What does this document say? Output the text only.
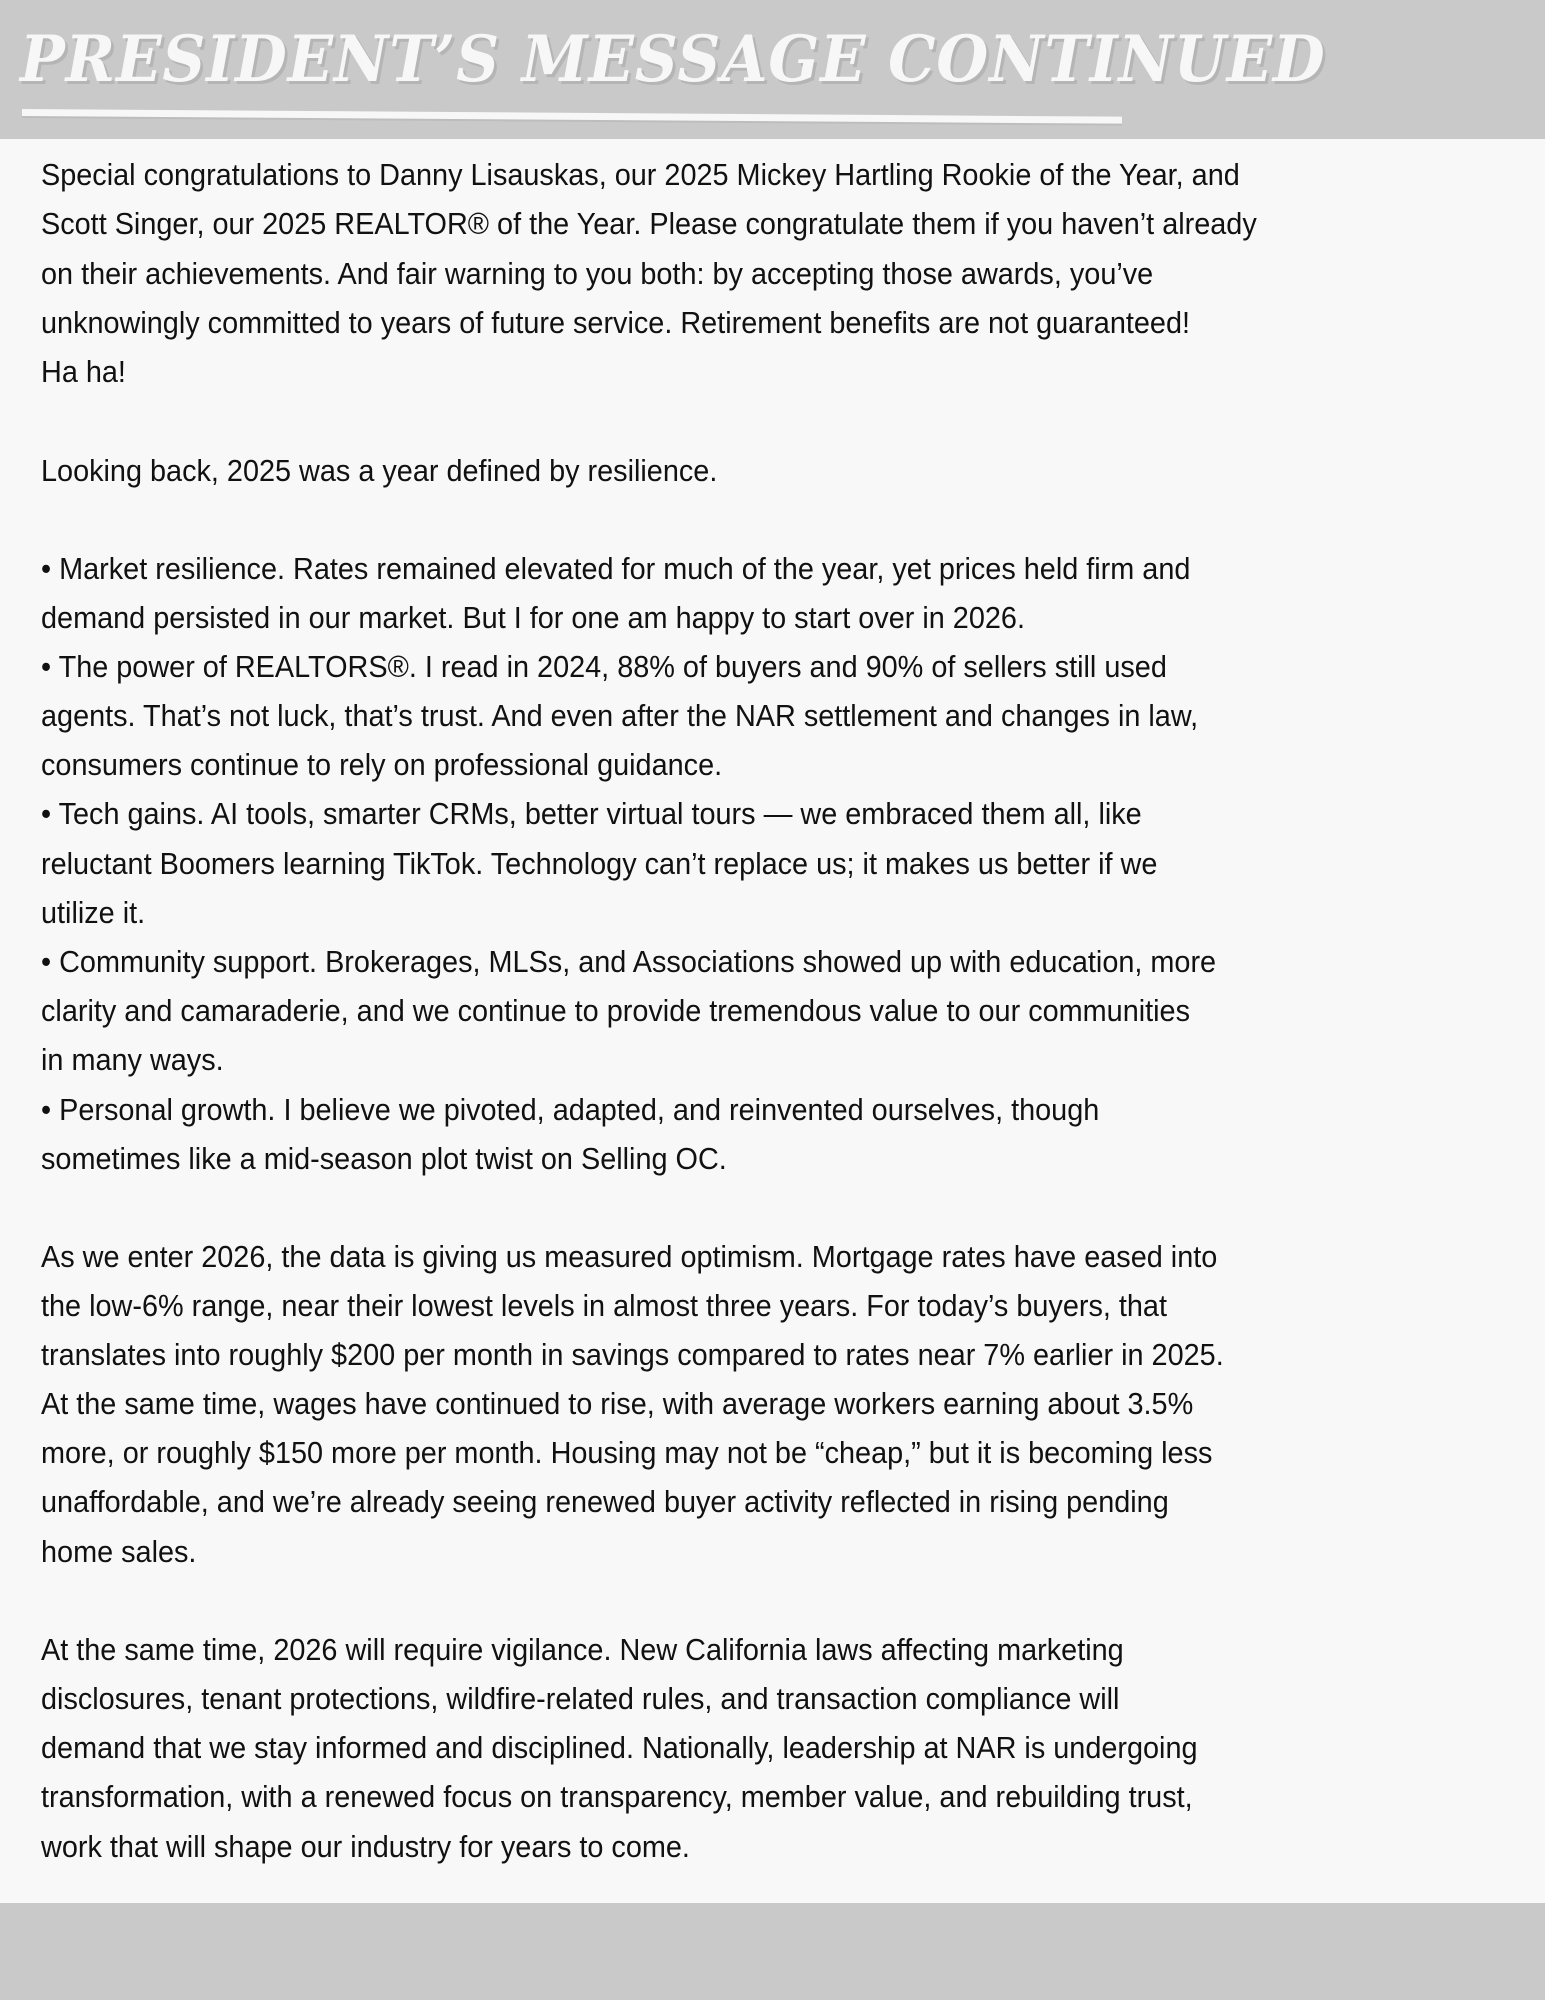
PRESIDENT’S MESSAGE CONTINUED
Special congratulations to Danny Lisauskas, our 2025 Mickey Hartling Rookie of the Year, and
Scott Singer, our 2025 REALTOR® of the Year. Please congratulate them if you haven’t already
on their achievements. And fair warning to you both: by accepting those awards, you’ve
unknowingly committed to years of future service. Retirement benefits are not guaranteed!
Ha ha!
Looking back, 2025 was a year defined by resilience.
• Market resilience. Rates remained elevated for much of the year, yet prices held firm and
demand persisted in our market. But I for one am happy to start over in 2026.
• The power of REALTORS®. I read in 2024, 88% of buyers and 90% of sellers still used
agents. That’s not luck, that’s trust. And even after the NAR settlement and changes in law,
consumers continue to rely on professional guidance.
• Tech gains. AI tools, smarter CRMs, better virtual tours — we embraced them all, like
reluctant Boomers learning TikTok. Technology can’t replace us; it makes us better if we
utilize it.
• Community support. Brokerages, MLSs, and Associations showed up with education, more
clarity and camaraderie, and we continue to provide tremendous value to our communities
in many ways.
• Personal growth. I believe we pivoted, adapted, and reinvented ourselves, though
sometimes like a mid-season plot twist on Selling OC.
As we enter 2026, the data is giving us measured optimism. Mortgage rates have eased into
the low-6% range, near their lowest levels in almost three years. For today’s buyers, that
translates into roughly $200 per month in savings compared to rates near 7% earlier in 2025.
At the same time, wages have continued to rise, with average workers earning about 3.5%
more, or roughly $150 more per month. Housing may not be “cheap,” but it is becoming less
unaffordable, and we’re already seeing renewed buyer activity reflected in rising pending
home sales.
At the same time, 2026 will require vigilance. New California laws affecting marketing
disclosures, tenant protections, wildfire-related rules, and transaction compliance will
demand that we stay informed and disciplined. Nationally, leadership at NAR is undergoing
transformation, with a renewed focus on transparency, member value, and rebuilding trust,
work that will shape our industry for years to come.
